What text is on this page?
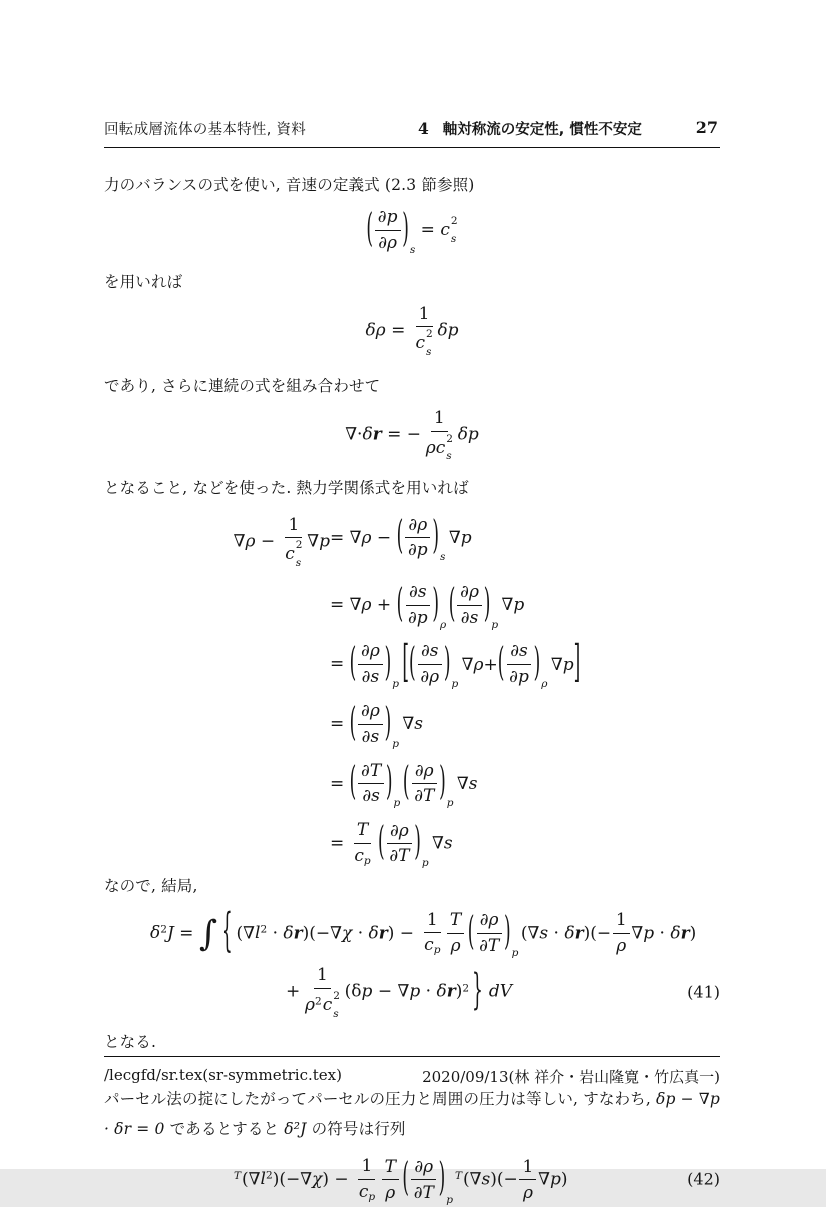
回転成層流体の基本特性, 資料	4 軸対称流の安定性, 慣性不安定	27
力のバランスの式を使い, 音速の定義式 (2.3 節参照)
( ∂p
∂ρ ) s
= c 2
s
を用いれば
δρ = 1
c 2
s δp
であり, さらに連続の式を組み合わせて
∇·δr = − 1
ρc 2
s δp
となること, などを使った. 熱力学関係式を用いれば
∇ρ − 1
c 2
s ∇p = ∇ρ − ( ∂ρ
∂p ) s
∇p
= ∇ρ + ( ∂s
∂p ) ρ ( ∂ρ
∂s ) p
∇p
= ( ∂ρ
∂s ) p [ ( ∂s
∂ρ ) p
∇ ρ + ( ∂s
∂p ) ρ
∇ p ]
= ( ∂ρ
∂s ) p
∇s
= ( ∂T
∂s ) p ( ∂ρ
∂T ) p
∇s
= $\frac{T}{cp}$ ( ∂ρ
∂T ) p
∇s
なので, 結局,
$\delta^2J$ = ∫ { $(\nabla l^2 \cdot \delta r)(-\nabla\chi \cdot \delta r) - \frac{1}{cp} \frac{T}{\rho}$ ( ∂ρ
∂T ) p
$(\nabla s \cdot \delta r)(- \frac{1}{\rho} \nabla p \cdot \delta r)$
+ 1
$\rho^2c$ 2
s $(\delta p - \nabla p \cdot \delta r)^2$ } dV	(41)
となる.
パーセル法の掟にしたがってパーセルの圧力と周囲の圧力は等しい, すなわち, δp − ∇p · δr = 0 であるとすると δ²J の符号は行列
$^T(\nabla l^2)(-\nabla\chi) - \frac{1}{cp} \frac{T}{\rho}$ ( ∂ρ
∂T ) p
$^T(\nabla s)(- \frac{1}{\rho} \nabla p)$	(42)
/lecgfd/sr.tex(sr-symmetric.tex)	2020/09/13(林 祥介・岩山隆寛・竹広真一)
